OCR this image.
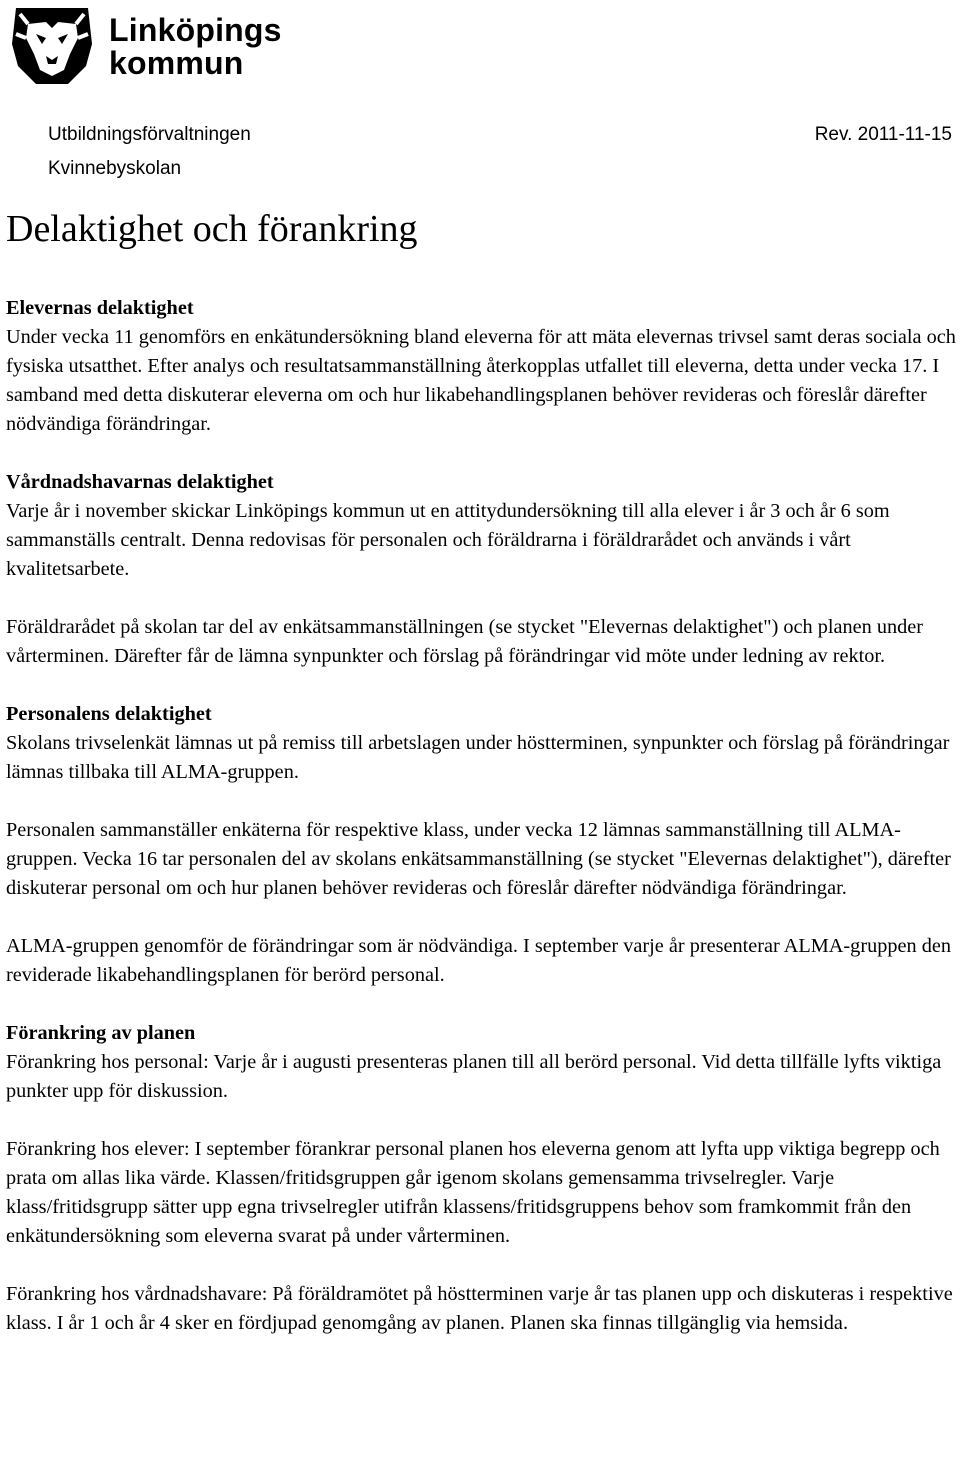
Linköpings
kommun
Utbildningsförvaltningen	Rev. 2011-11-15
Kvinnebyskolan
Delaktighet och förankring
Elevernas delaktighet

Under vecka 11 genomförs en enkätundersökning bland eleverna för att mäta elevernas trivsel samt deras sociala och fysiska utsatthet. Efter analys och resultatsammanställning återkopplas utfallet till eleverna, detta under vecka 17. I samband med detta diskuterar eleverna om och hur likabehandlingsplanen behöver revideras och föreslår därefter nödvändiga förändringar.

Vårdnadshavarnas delaktighet

Varje år i november skickar Linköpings kommun ut en attitydundersökning till alla elever i år 3 och år 6 som sammanställs centralt. Denna redovisas för personalen och föräldrarna i föräldrarådet och används i vårt kvalitetsarbete.

Föräldrarådet på skolan tar del av enkätsammanställningen (se stycket "Elevernas delaktighet") och planen under vårterminen. Därefter får de lämna synpunkter och förslag på förändringar vid möte under ledning av rektor.

Personalens delaktighet

Skolans trivselenkät lämnas ut på remiss till arbetslagen under höstterminen, synpunkter och förslag på förändringar lämnas tillbaka till ALMA-gruppen.

Personalen sammanställer enkäterna för respektive klass, under vecka 12 lämnas sammanställning till ALMA-gruppen. Vecka 16 tar personalen del av skolans enkätsammanställning (se stycket "Elevernas delaktighet"), därefter diskuterar personal om och hur planen behöver revideras och föreslår därefter nödvändiga förändringar.

ALMA-gruppen genomför de förändringar som är nödvändiga. I september varje år presenterar ALMA-gruppen den reviderade likabehandlingsplanen för berörd personal.

Förankring av planen

Förankring hos personal: Varje år i augusti presenteras planen till all berörd personal. Vid detta tillfälle lyfts viktiga punkter upp för diskussion.

Förankring hos elever: I september förankrar personal planen hos eleverna genom att lyfta upp viktiga begrepp och prata om allas lika värde. Klassen/fritidsgruppen går igenom skolans gemensamma trivselregler. Varje klass/fritidsgrupp sätter upp egna trivselregler utifrån klassens/fritidsgruppens behov som framkommit från den enkätundersökning som eleverna svarat på under vårterminen.

Förankring hos vårdnadshavare: På föräldramötet på höstterminen varje år tas planen upp och diskuteras i respektive klass. I år 1 och år 4 sker en fördjupad genomgång av planen. Planen ska finnas tillgänglig via hemsida.
